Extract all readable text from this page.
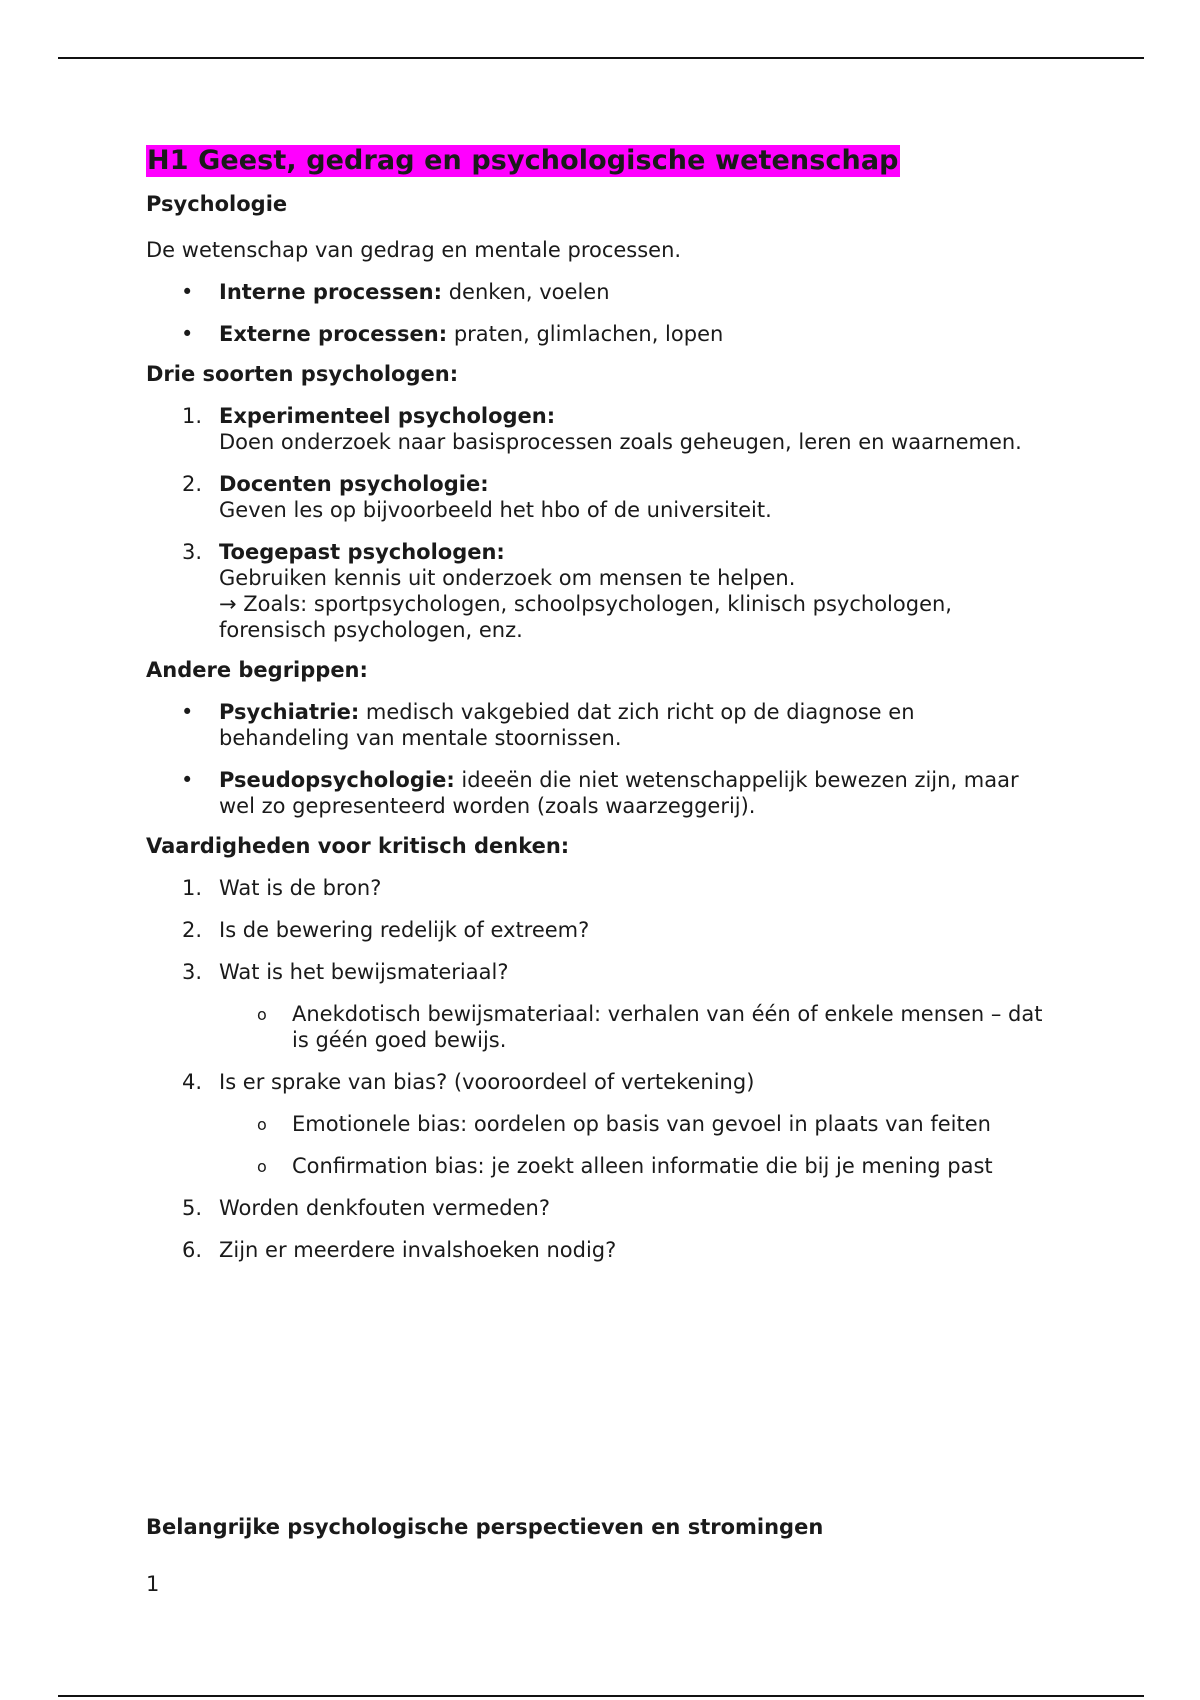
H1 Geest, gedrag en psychologische wetenschap

Psychologie

De wetenschap van gedrag en mentale processen.

• Interne processen: denken, voelen
• Externe processen: praten, glimlachen, lopen

Drie soorten psychologen:

1. Experimenteel psychologen:
Doen onderzoek naar basisprocessen zoals geheugen, leren en waarnemen.
2. Docenten psychologie:
Geven les op bijvoorbeeld het hbo of de universiteit.
3. Toegepast psychologen:
Gebruiken kennis uit onderzoek om mensen te helpen.
→ Zoals: sportpsychologen, schoolpsychologen, klinisch psychologen, forensisch psychologen, enz.

Andere begrippen:

• Psychiatrie: medisch vakgebied dat zich richt op de diagnose en behandeling van mentale stoornissen.
• Pseudopsychologie: ideeën die niet wetenschappelijk bewezen zijn, maar wel zo gepresenteerd worden (zoals waarzeggerij).

Vaardigheden voor kritisch denken:

1. Wat is de bron?
2. Is de bewering redelijk of extreem?
3. Wat is het bewijsmateriaal?
o	Anekdotisch bewijsmateriaal: verhalen van één of enkele mensen – dat is géén goed bewijs.
4. Is er sprake van bias? (vooroordeel of vertekening)
o	Emotionele bias: oordelen op basis van gevoel in plaats van feiten
o	Confirmation bias: je zoekt alleen informatie die bij je mening past
5. Worden denkfouten vermeden?
6. Zijn er meerdere invalshoeken nodig?

Belangrijke psychologische perspectieven en stromingen

1
